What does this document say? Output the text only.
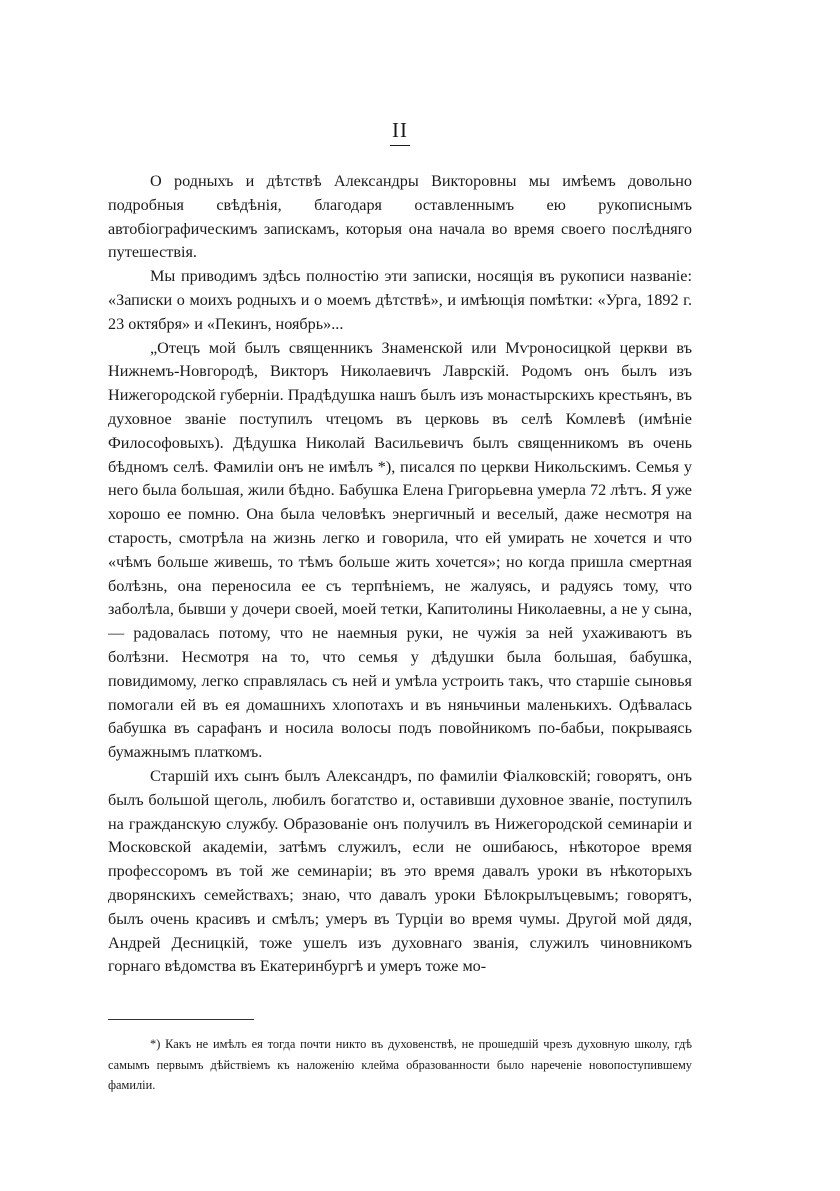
II

О родныхъ и дѣтствѣ Александры Викторовны мы имѣемъ довольно подробныя свѣдѣнія, благодаря оставленнымъ ею рукописнымъ автобіографическимъ запискамъ, которыя она начала во время своего послѣдняго путешествія.

Мы приводимъ здѣсь полностію эти записки, носящія въ рукописи названіе: «Записки о моихъ родныхъ и о моемъ дѣтствѣ», и имѣющія помѣтки: «Урга, 1892 г. 23 октября» и «Пекинъ, ноябрь»...

„Отецъ мой былъ священникъ Знаменской или Мѵроносицкой церкви въ Нижнемъ-Новгородѣ, Викторъ Николаевичъ Лаврскій. Родомъ онъ былъ изъ Нижегородской губерніи. Прадѣдушка нашъ былъ изъ монастырскихъ крестьянъ, въ духовное званіе поступилъ чтецомъ въ церковь въ селѣ Комлевѣ (имѣніе Философовыхъ). Дѣдушка Николай Васильевичъ былъ священникомъ въ очень бѣдномъ селѣ. Фамиліи онъ не имѣлъ *), писался по церкви Никольскимъ. Семья у него была большая, жили бѣдно. Бабушка Елена Григорьевна умерла 72 лѣтъ. Я уже хорошо ее помню. Она была человѣкъ энергичный и веселый, даже несмотря на старость, смотрѣла на жизнь легко и говорила, что ей умирать не хочется и что «чѣмъ больше живешь, то тѣмъ больше жить хочется»; но когда пришла смертная болѣзнь, она переносила ее съ терпѣніемъ, не жалуясь, и радуясь тому, что заболѣла, бывши у дочери своей, моей тетки, Капитолины Николаевны, а не у сына, — радовалась потому, что не наемныя руки, не чужія за ней ухаживаютъ въ болѣзни. Несмотря на то, что семья у дѣдушки была большая, бабушка, повидимому, легко справлялась съ ней и умѣла устроить такъ, что старшіе сыновья помогали ей въ ея домашнихъ хлопотахъ и въ няньчиньи маленькихъ. Одѣвалась бабушка въ сарафанъ и носила волосы подъ повойникомъ по-бабьи, покрываясь бумажнымъ платкомъ.

Старшій ихъ сынъ былъ Александръ, по фамиліи Фіалковскій; говорятъ, онъ былъ большой щеголь, любилъ богатство и, оставивши духовное званіе, поступилъ на гражданскую службу. Образованіе онъ получилъ въ Нижегородской семинаріи и Московской академіи, затѣмъ служилъ, если не ошибаюсь, нѣкоторое время профессоромъ въ той же семинаріи; въ это время давалъ уроки въ нѣкоторыхъ дворянскихъ семействахъ; знаю, что давалъ уроки Бѣлокрылъцевымъ; говорятъ, былъ очень красивъ и смѣлъ; умеръ въ Турціи во время чумы. Другой мой дядя, Андрей Десницкій, тоже ушелъ изъ духовнаго званія, служилъ чиновникомъ горнаго вѣдомства въ Екатеринбургѣ и умеръ тоже мо-

*) Какъ не имѣлъ ея тогда почти никто въ духовенствѣ, не прошедшій чрезъ духовную школу, гдѣ самымъ первымъ дѣйствіемъ къ наложенію клейма образованности было нареченіе новопоступившему фамиліи.
